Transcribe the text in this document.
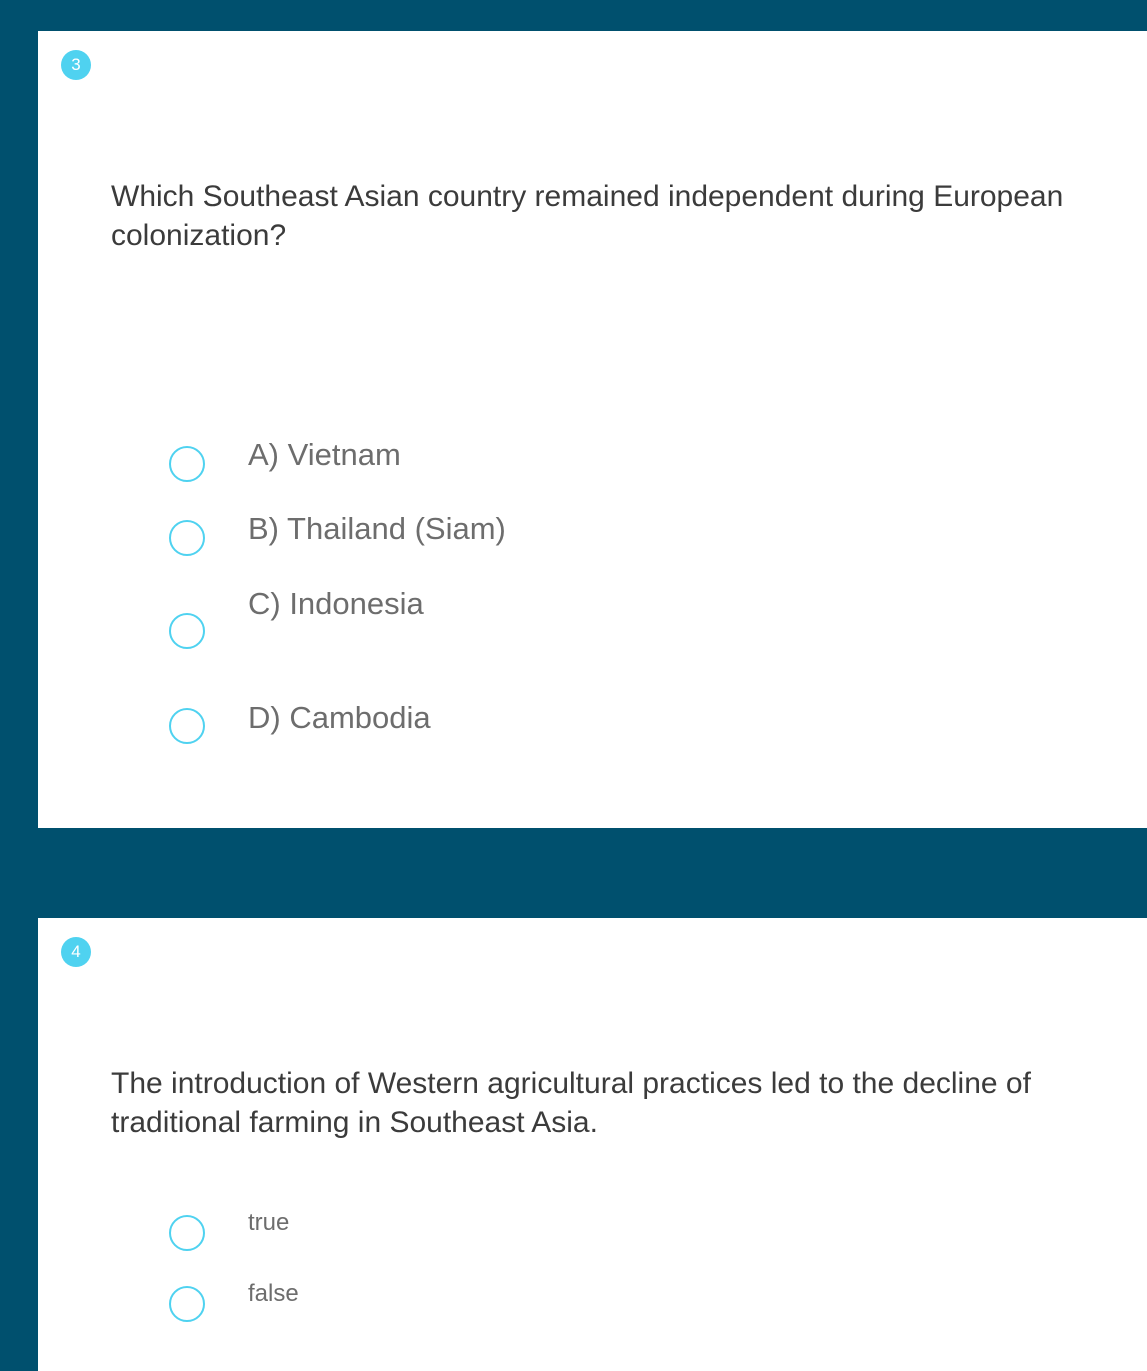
3

Which Southeast Asian country remained independent during European colonization?

A) Vietnam
B) Thailand (Siam)
C) Indonesia
D) Cambodia
4

The introduction of Western agricultural practices led to the decline of traditional farming in Southeast Asia.

true
false
